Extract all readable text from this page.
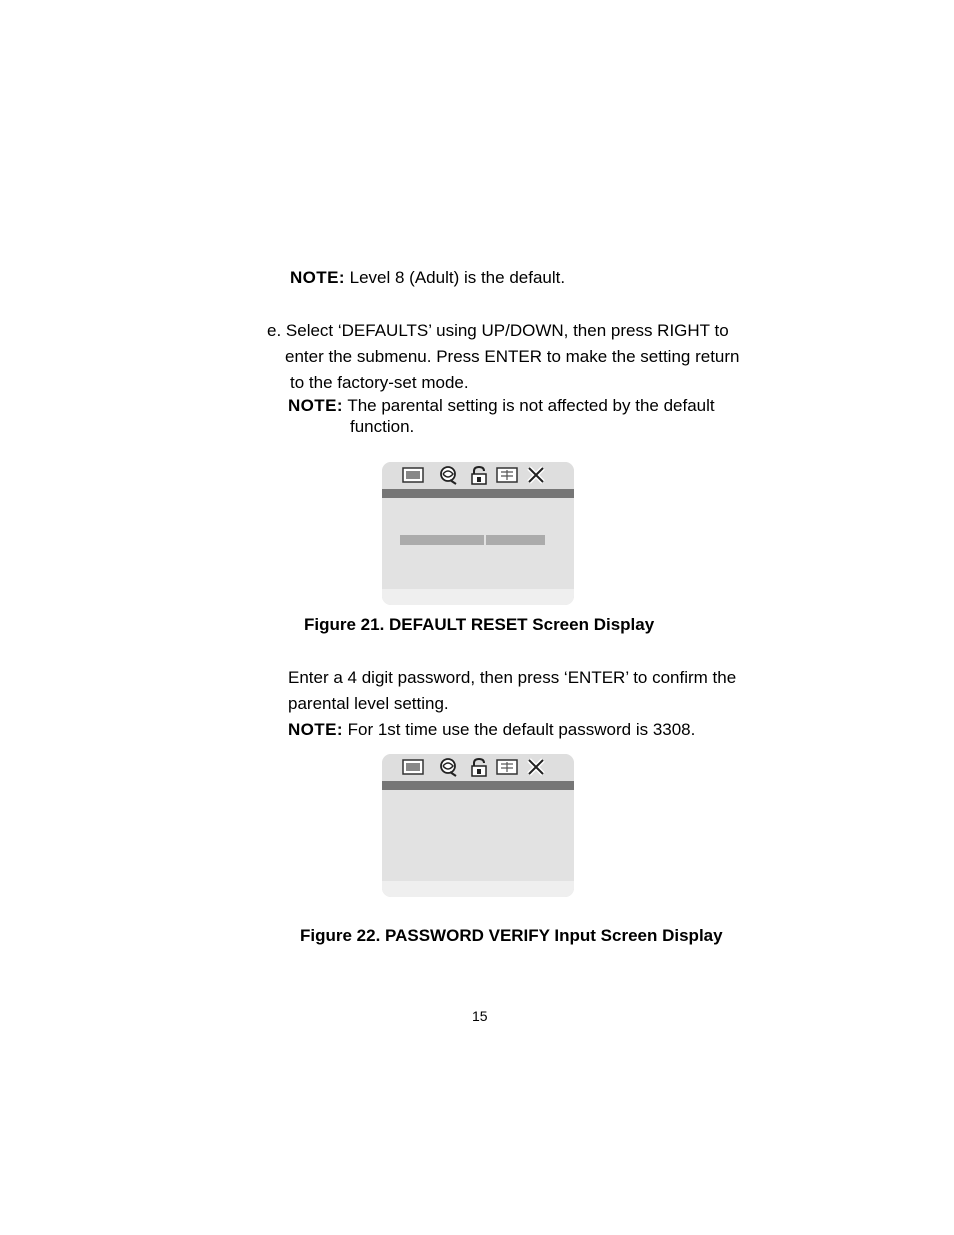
NOTE: Level 8 (Adult) is the default.
e. Select ‘DEFAULTS’ using UP/DOWN, then press RIGHT to
enter the submenu. Press ENTER to make the setting return
to the factory-set mode.
NOTE: The parental setting is not affected by the default
function.
Figure 21. DEFAULT RESET Screen Display
Enter a 4 digit password, then press ‘ENTER’ to confirm the
parental level setting.
NOTE: For 1st time use the default password is 3308.
Figure 22. PASSWORD VERIFY Input Screen Display
15
